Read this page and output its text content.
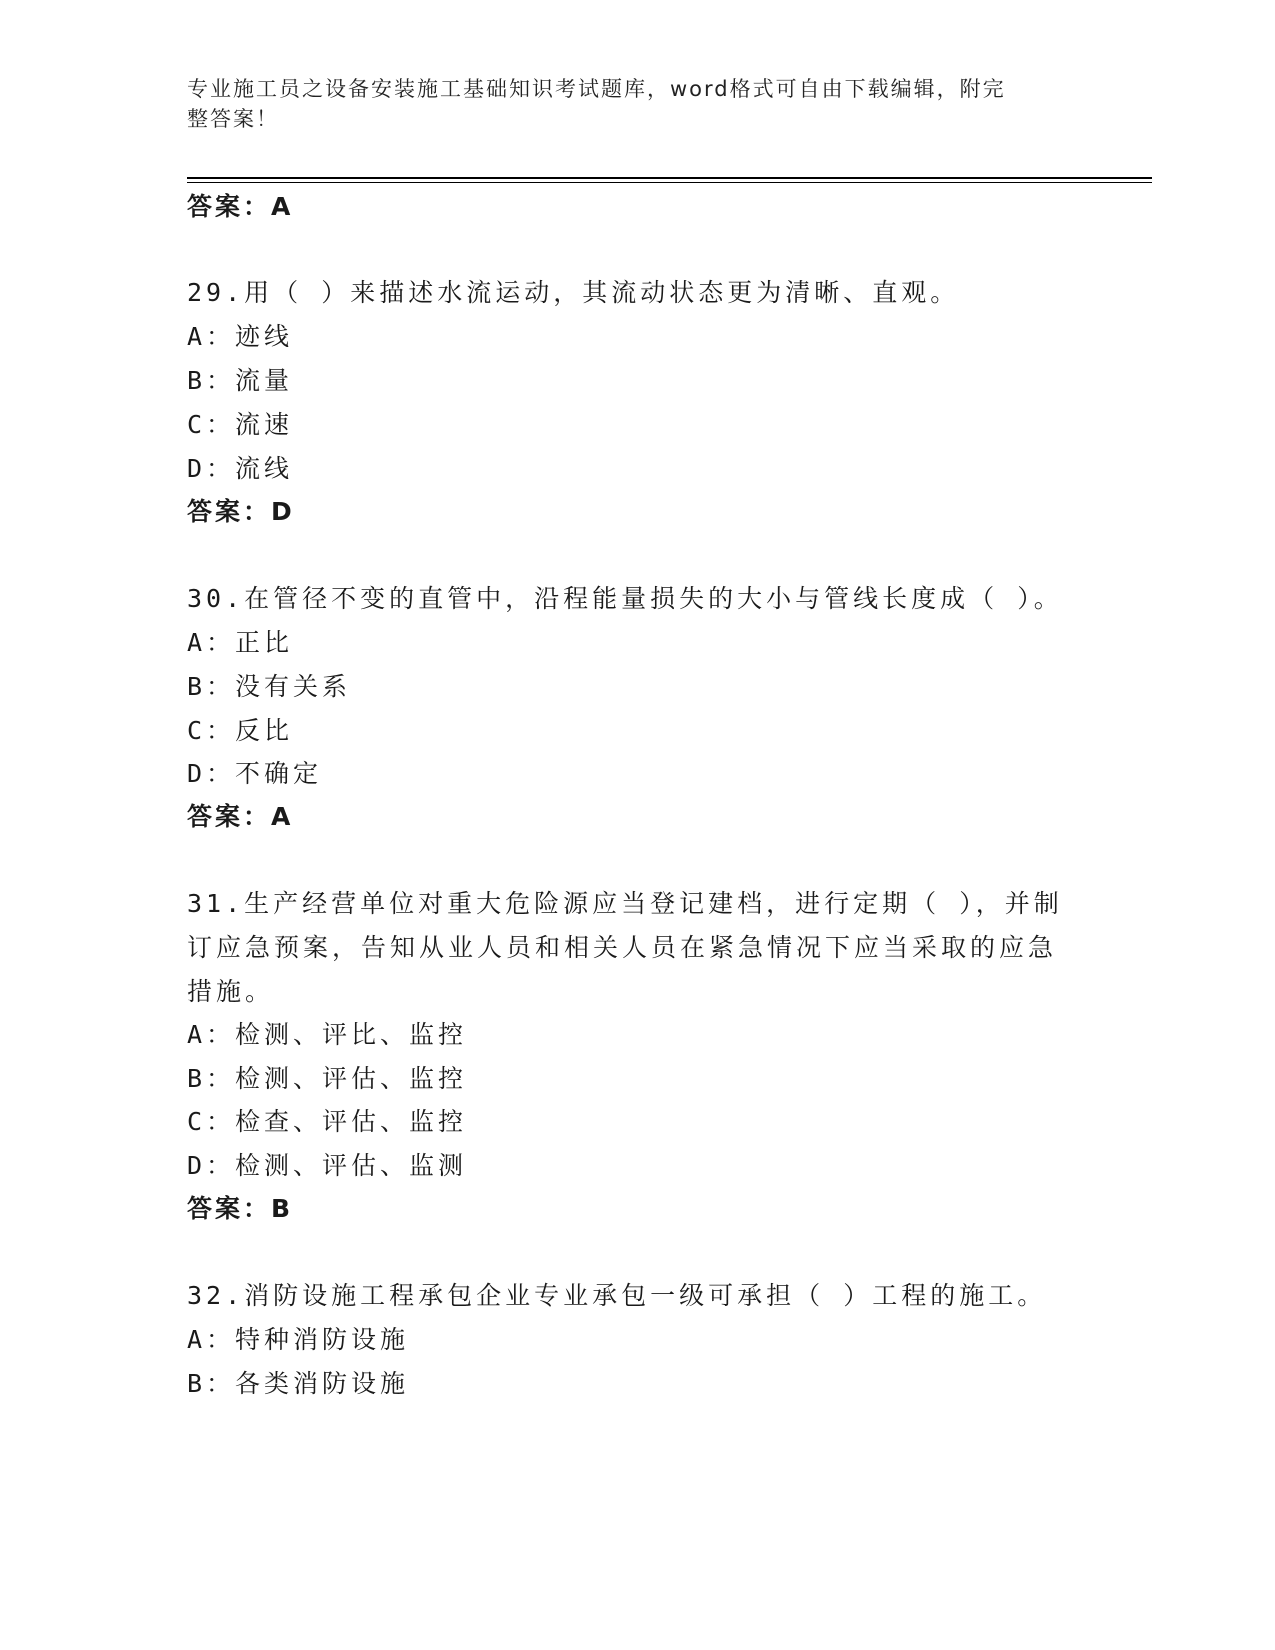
专业施工员之设备安装施工基础知识考试题库，word格式可自由下载编辑，附完
整答案！
答案：A
29.用（ ）来描述水流运动，其流动状态更为清晰、直观。
A：迹线
B：流量
C：流速
D：流线
答案：D
30.在管径不变的直管中，沿程能量损失的大小与管线长度成（ ）。
A：正比
B：没有关系
C：反比
D：不确定
答案：A
31.生产经营单位对重大危险源应当登记建档，进行定期（ ），并制
订应急预案，告知从业人员和相关人员在紧急情况下应当采取的应急
措施。
A：检测、评比、监控
B：检测、评估、监控
C：检查、评估、监控
D：检测、评估、监测
答案：B
32.消防设施工程承包企业专业承包一级可承担（ ）工程的施工。
A：特种消防设施
B：各类消防设施
